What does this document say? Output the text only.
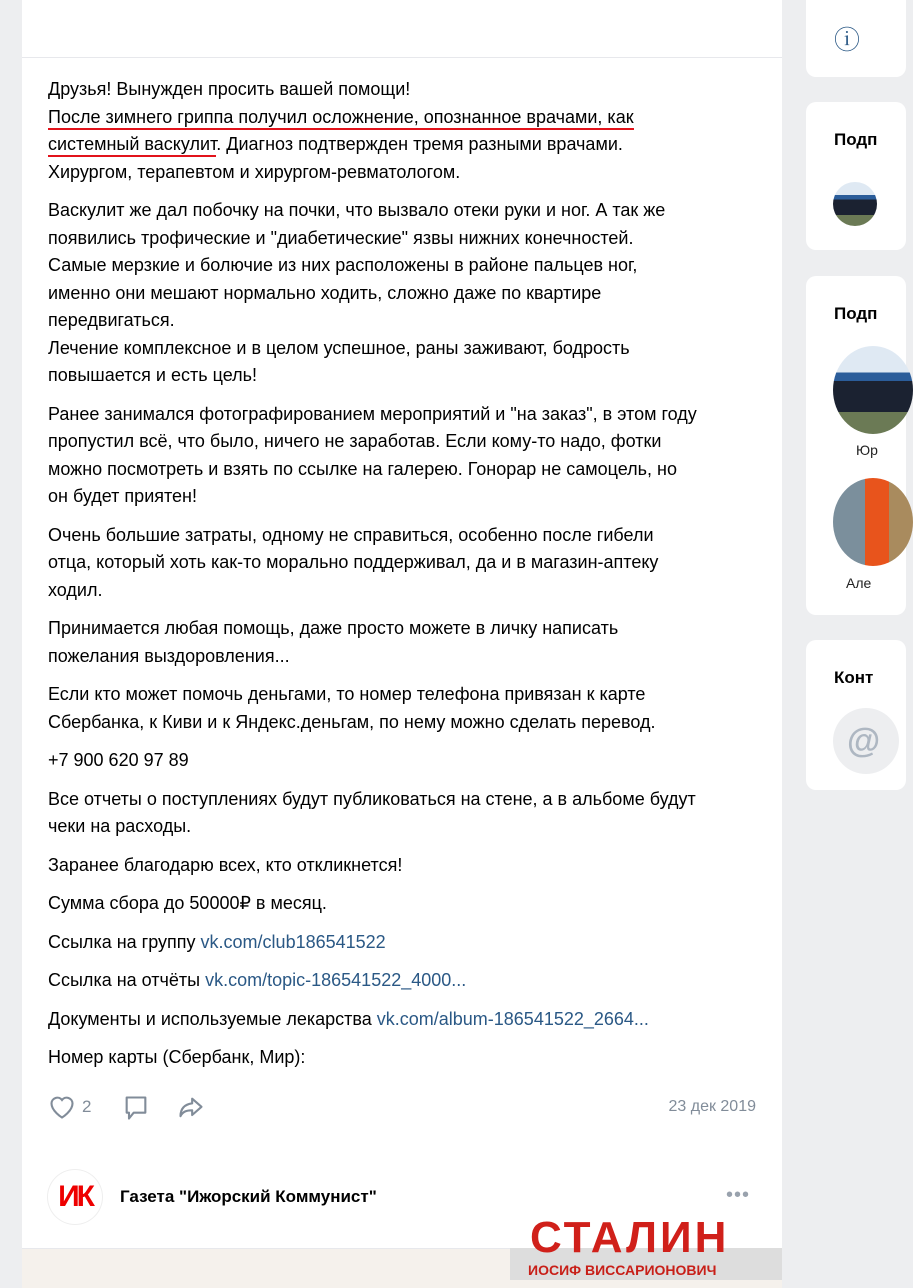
Друзья! Вынужден просить вашей помощи!
После зимнего гриппа получил осложнение, опознанное врачами, как
системный васкулит. Диагноз подтвержден тремя разными врачами.
Хирургом, терапевтом и хирургом-ревматологом.
Васкулит же дал побочку на почки, что вызвало отеки руки и ног. А так же
появились трофические и "диабетические" язвы нижних конечностей.
Самые мерзкие и болючие из них расположены в районе пальцев ног,
именно они мешают нормально ходить, сложно даже по квартире
передвигаться.
Лечение комплексное и в целом успешное, раны заживают, бодрость
повышается и есть цель!
Ранее занимался фотографированием мероприятий и "на заказ", в этом году
пропустил всё, что было, ничего не заработав. Если кому-то надо, фотки
можно посмотреть и взять по ссылке на галерею. Гонорар не самоцель, но
он будет приятен!
Очень большие затраты, одному не справиться, особенно после гибели
отца, который хоть как-то морально поддерживал, да и в магазин-аптеку
ходил.
Принимается любая помощь, даже просто можете в личку написать
пожелания выздоровления...
Если кто может помочь деньгами, то номер телефона привязан к карте
Сбербанка, к Киви и к Яндекс.деньгам, по нему можно сделать перевод.
+7 900 620 97 89
Все отчеты о поступлениях будут публиковаться на стене, а в альбоме будут
чеки на расходы.
Заранее благодарю всех, кто откликнется!
Сумма сбора до 50000₽ в месяц.
Ссылка на группу vk.com/club186541522
Ссылка на отчёты vk.com/topic-186541522_4000...
Документы и используемые лекарства vk.com/album-186541522_2664...
Номер карты (Сбербанк, Мир):
2	23 дек 2019
ИК	Газета "Ижорский Коммунист"	•••
СТАЛИН
ИОСИФ ВИССАРИОНОВИЧ
ⓘ
Подп
Подп
Юр
Але
Конт
@
